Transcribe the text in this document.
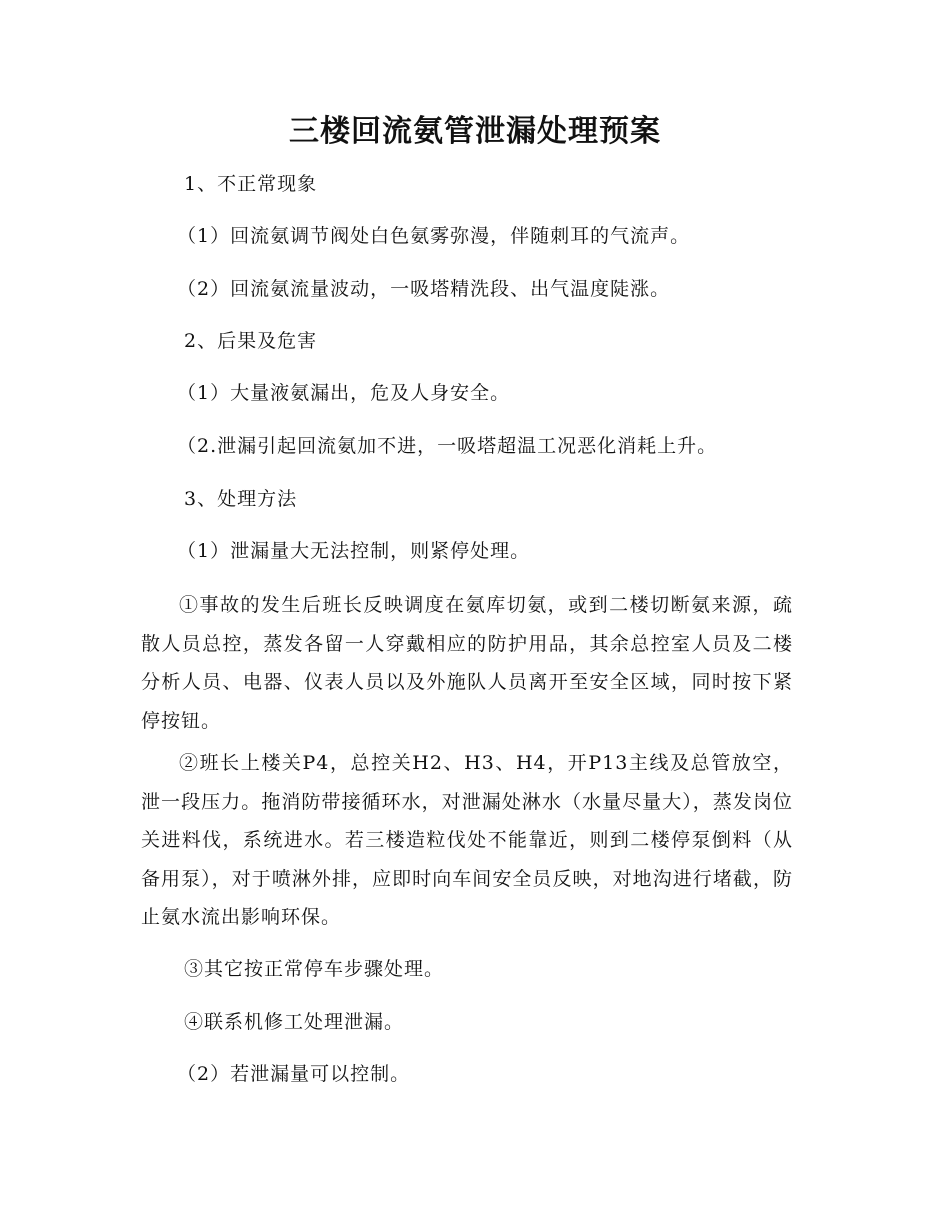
三楼回流氨管泄漏处理预案
1、不正常现象
（1）回流氨调节阀处白色氨雾弥漫，伴随刺耳的气流声。
（2）回流氨流量波动，一吸塔精洗段、出气温度陡涨。
2、后果及危害
（1）大量液氨漏出，危及人身安全。
（2.泄漏引起回流氨加不进，一吸塔超温工况恶化消耗上升。
3、处理方法
（1）泄漏量大无法控制，则紧停处理。
①事故的发生后班长反映调度在氨库切氨，或到二楼切断氨来源，疏散人员总控，蒸发各留一人穿戴相应的防护用品，其余总控室人员及二楼分析人员、电器、仪表人员以及外施队人员离开至安全区域，同时按下紧停按钮。
②班长上楼关P4，总控关H2、H3、H4，开P13主线及总管放空，泄一段压力。拖消防带接循环水，对泄漏处淋水（水量尽量大），蒸发岗位关进料伐，系统进水。若三楼造粒伐处不能靠近，则到二楼停泵倒料（从备用泵），对于喷淋外排，应即时向车间安全员反映，对地沟进行堵截，防止氨水流出影响环保。
③其它按正常停车步骤处理。
④联系机修工处理泄漏。
（2）若泄漏量可以控制。
